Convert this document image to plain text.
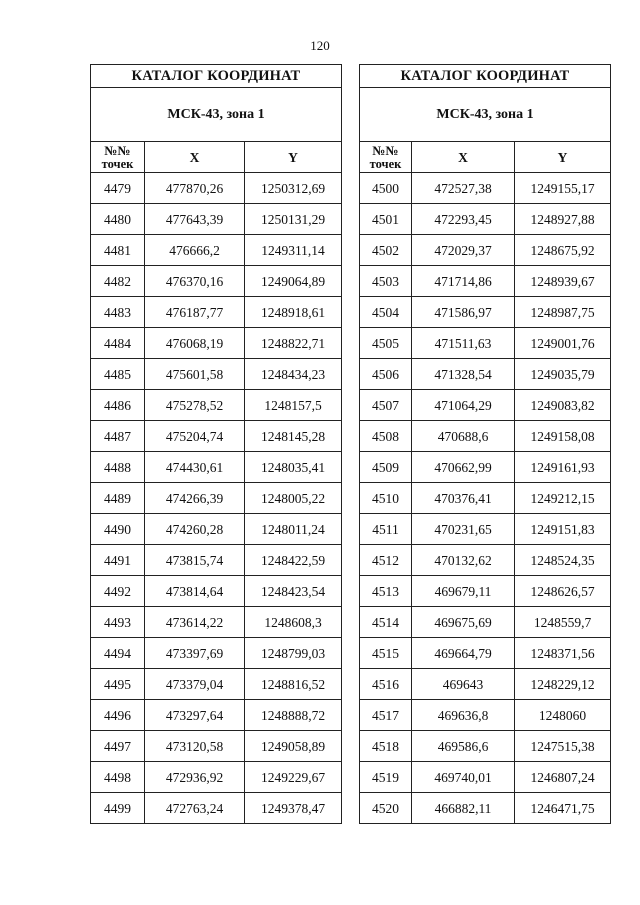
120
КАТАЛОГ КООРДИНАТ		
МСК-43, зона 1		

№№
точек	X	Y
4479	477870,26	1250312,69
4480	477643,39	1250131,29
4481	476666,2	1249311,14
4482	476370,16	1249064,89
4483	476187,77	1248918,61
4484	476068,19	1248822,71
4485	475601,58	1248434,23
4486	475278,52	1248157,5
4487	475204,74	1248145,28
4488	474430,61	1248035,41
4489	474266,39	1248005,22
4490	474260,28	1248011,24
4491	473815,74	1248422,59
4492	473814,64	1248423,54
4493	473614,22	1248608,3
4494	473397,69	1248799,03
4495	473379,04	1248816,52
4496	473297,64	1248888,72
4497	473120,58	1249058,89
4498	472936,92	1249229,67
4499	472763,24	1249378,47
КАТАЛОГ КООРДИНАТ		
МСК-43, зона 1		

№№
точек	X	Y
4500	472527,38	1249155,17
4501	472293,45	1248927,88
4502	472029,37	1248675,92
4503	471714,86	1248939,67
4504	471586,97	1248987,75
4505	471511,63	1249001,76
4506	471328,54	1249035,79
4507	471064,29	1249083,82
4508	470688,6	1249158,08
4509	470662,99	1249161,93
4510	470376,41	1249212,15
4511	470231,65	1249151,83
4512	470132,62	1248524,35
4513	469679,11	1248626,57
4514	469675,69	1248559,7
4515	469664,79	1248371,56
4516	469643	1248229,12
4517	469636,8	1248060
4518	469586,6	1247515,38
4519	469740,01	1246807,24
4520	466882,11	1246471,75
